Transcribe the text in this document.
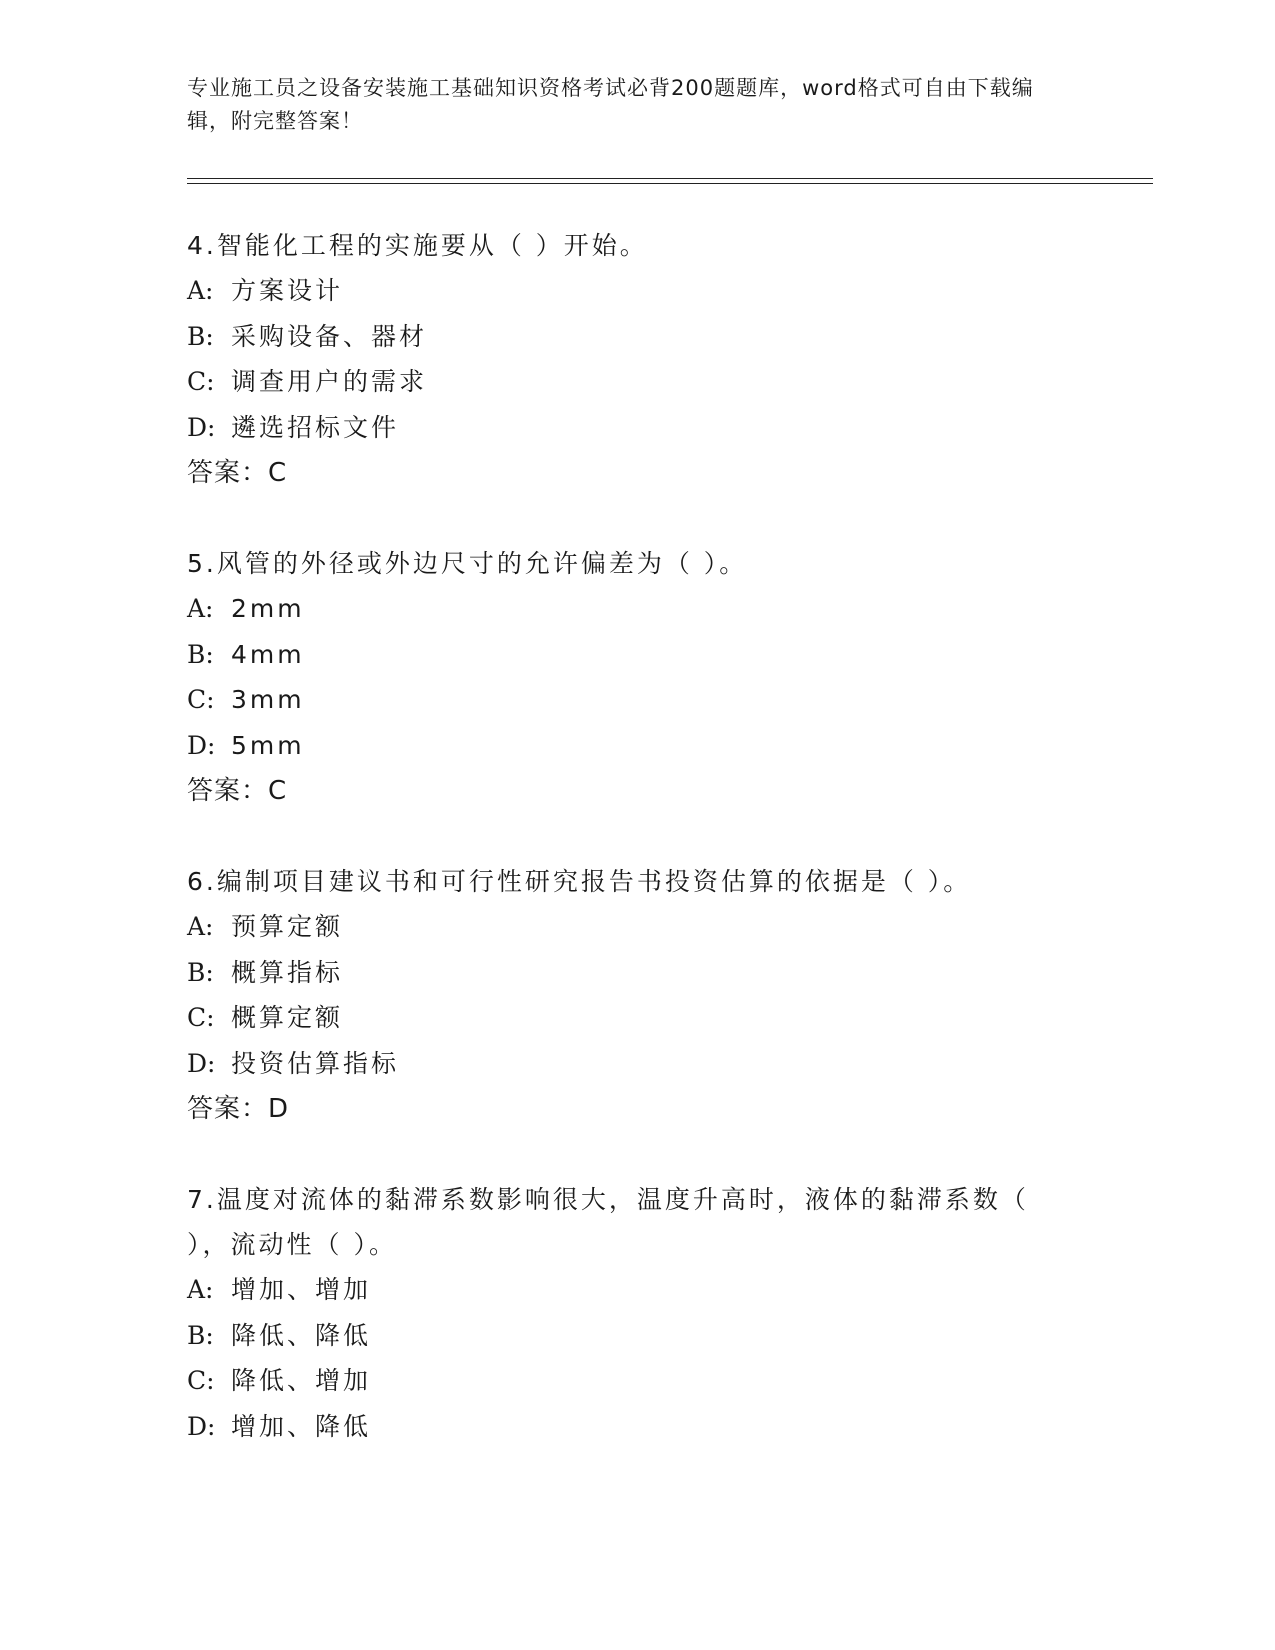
专业施工员之设备安装施工基础知识资格考试必背200题题库，word格式可自由下载编辑，附完整答案！

4.智能化工程的实施要从（ ）开始。

A: 方案设计

B: 采购设备、器材

C: 调查用户的需求

D: 遴选招标文件

答案：C

5.风管的外径或外边尺寸的允许偏差为（ ）。

A: 2mm

B: 4mm

C: 3mm

D: 5mm

答案：C

6.编制项目建议书和可行性研究报告书投资估算的依据是（ ）。

A: 预算定额

B: 概算指标

C: 概算定额

D: 投资估算指标

答案：D

7.温度对流体的黏滞系数影响很大，温度升高时，液体的黏滞系数（ ），流动性（ ）。

A: 增加、增加

B: 降低、降低

C: 降低、增加

D: 增加、降低
